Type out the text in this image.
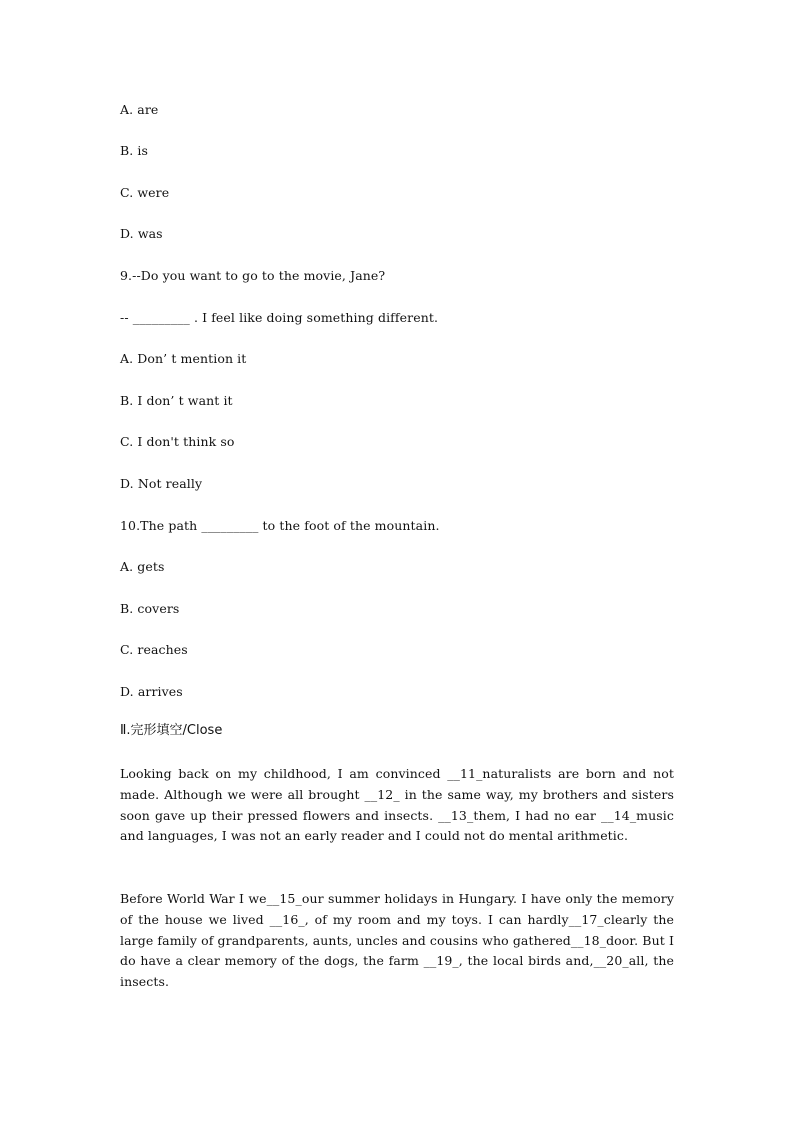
A. are
B. is
C. were
D. was
9.--Do you want to go to the movie, Jane?
-- _________ . I feel like doing something different.
A. Don’ t mention it
B. I don’ t want it
C. I don't think so
D. Not really
10.The path _________ to the foot of the mountain.
A. gets
B. covers
C. reaches
D. arrives
Ⅱ.完形填空/Close
Looking back on my childhood, I am convinced __11_naturalists are born and not made. Although we were all brought __12_ in the same way, my brothers and sisters soon gave up their pressed flowers and insects. __13_them, I had no ear __14_music and languages, I was not an early reader and I could not do mental arithmetic.
Before World War I we__15_our summer holidays in Hungary. I have only the memory of the house we lived __16_, of my room and my toys. I can hardly__17_clearly the large family of grandparents, aunts, uncles and cousins who gathered__18_door. But I do have a clear memory of the dogs, the farm __19_, the local birds and,__20_all, the insects.
